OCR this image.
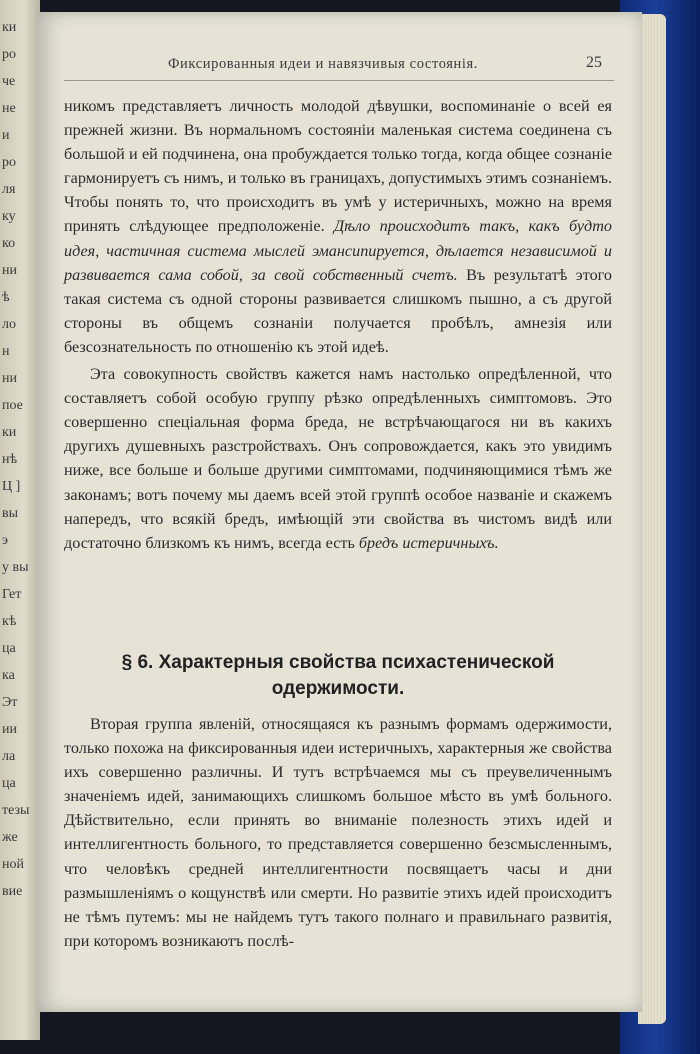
ки
ро
че
не
и
ро
ля
ку
ко
ни
ѣ
ло
н
ни
пое
ки
нѣ
Ц ]
вы
э
у вы
Гет
кѣ
ца
ка
Эт
ии
ла
ца
тезы
же
ной
вие
Фиксированныя идеи и навязчивыя состоянія.	25

никомъ представляетъ личность молодой дѣвушки, воспоминаніе о всей ея прежней жизни. Въ нормальномъ состояніи маленькая система соединена съ большой и ей подчинена, она пробуждается только тогда, когда общее сознаніе гармонируетъ съ нимъ, и только въ границахъ, допустимыхъ этимъ сознаніемъ. Чтобы понять то, что происходитъ въ умѣ у истеричныхъ, можно на время принять слѣдующее предположеніе. Дѣло происходитъ такъ, какъ будто идея, частичная система мыслей эмансипируется, дѣлается независимой и развивается сама собой, за свой собственный счетъ. Въ результатѣ этого такая система съ одной стороны развивается слишкомъ пышно, а съ другой стороны въ общемъ сознаніи получается пробѣлъ, амнезія или безсознательность по отношенію къ этой идеѣ.

Эта совокупность свойствъ кажется намъ настолько опредѣленной, что составляетъ собой особую группу рѣзко опредѣленныхъ симптомовъ. Это совершенно спеціальная форма бреда, не встрѣчающагося ни въ какихъ другихъ душевныхъ разстройствахъ. Онъ сопровождается, какъ это увидимъ ниже, все больше и больше другими симптомами, подчиняющимися тѣмъ же законамъ; вотъ почему мы даемъ всей этой группѣ особое названіе и скажемъ напередъ, что всякій бредъ, имѣющій эти свойства въ чистомъ видѣ или достаточно близкомъ къ нимъ, всегда есть бредъ истеричныхъ.

§ 6. Характерныя свойства психастенической
одержимости.

Вторая группа явленій, относящаяся къ разнымъ формамъ одержимости, только похожа на фиксированныя идеи истеричныхъ, характерныя же свойства ихъ совершенно различны. И тутъ встрѣчаемся мы съ преувеличеннымъ значеніемъ идей, занимающихъ слишкомъ большое мѣсто въ умѣ больного. Дѣйствительно, если принять во вниманіе полезность этихъ идей и интеллигентность больного, то представляется совершенно безсмысленнымъ, что человѣкъ средней интеллигентности посвящаетъ часы и дни размышленіямъ о кощунствѣ или смерти. Но развитіе этихъ идей происходитъ не тѣмъ путемъ: мы не найдемъ тутъ такого полнаго и правильнаго развитія, при которомъ возникаютъ послѣ-
